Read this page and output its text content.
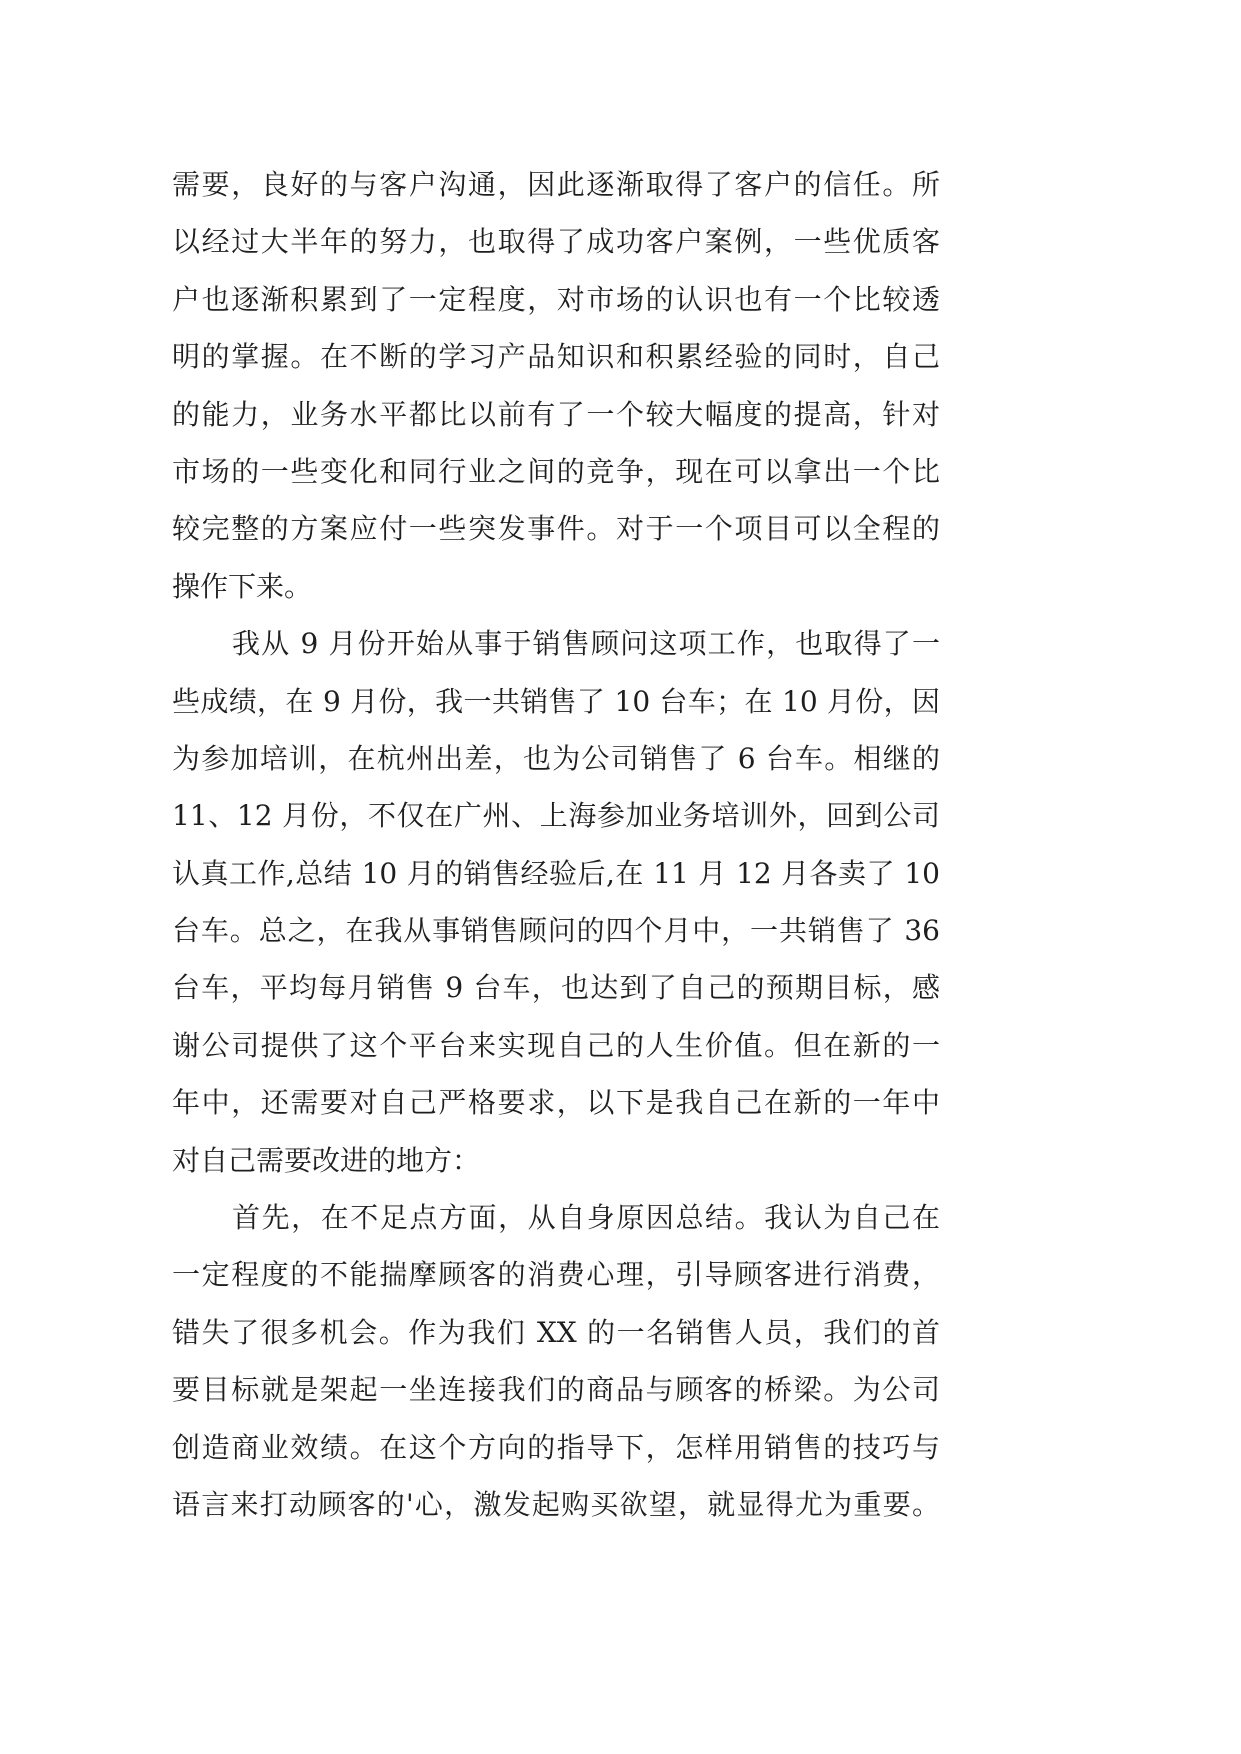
需要，良好的与客户沟通，因此逐渐取得了客户的信任。所
以经过大半年的努力，也取得了成功客户案例，一些优质客
户也逐渐积累到了一定程度，对市场的认识也有一个比较透
明的掌握。在不断的学习产品知识和积累经验的同时，自己
的能力，业务水平都比以前有了一个较大幅度的提高，针对
市场的一些变化和同行业之间的竞争，现在可以拿出一个比
较完整的方案应付一些突发事件。对于一个项目可以全程的
操作下来。
我从 9 月份开始从事于销售顾问这项工作，也取得了一
些成绩，在 9 月份，我一共销售了 10 台车；在 10 月份，因
为参加培训，在杭州出差，也为公司销售了 6 台车。相继的
11、12 月份，不仅在广州、上海参加业务培训外，回到公司
认真工作,总结 10 月的销售经验后,在 11 月 12 月各卖了 10
台车。总之，在我从事销售顾问的四个月中，一共销售了 36
台车，平均每月销售 9 台车，也达到了自己的预期目标，感
谢公司提供了这个平台来实现自己的人生价值。但在新的一
年中，还需要对自己严格要求，以下是我自己在新的一年中
对自己需要改进的地方：
首先，在不足点方面，从自身原因总结。我认为自己在
一定程度的不能揣摩顾客的消费心理，引导顾客进行消费，
错失了很多机会。作为我们 XX 的一名销售人员，我们的首
要目标就是架起一坐连接我们的商品与顾客的桥梁。为公司
创造商业效绩。在这个方向的指导下，怎样用销售的技巧与
语言来打动顾客的'心，激发起购买欲望，就显得尤为重要。
